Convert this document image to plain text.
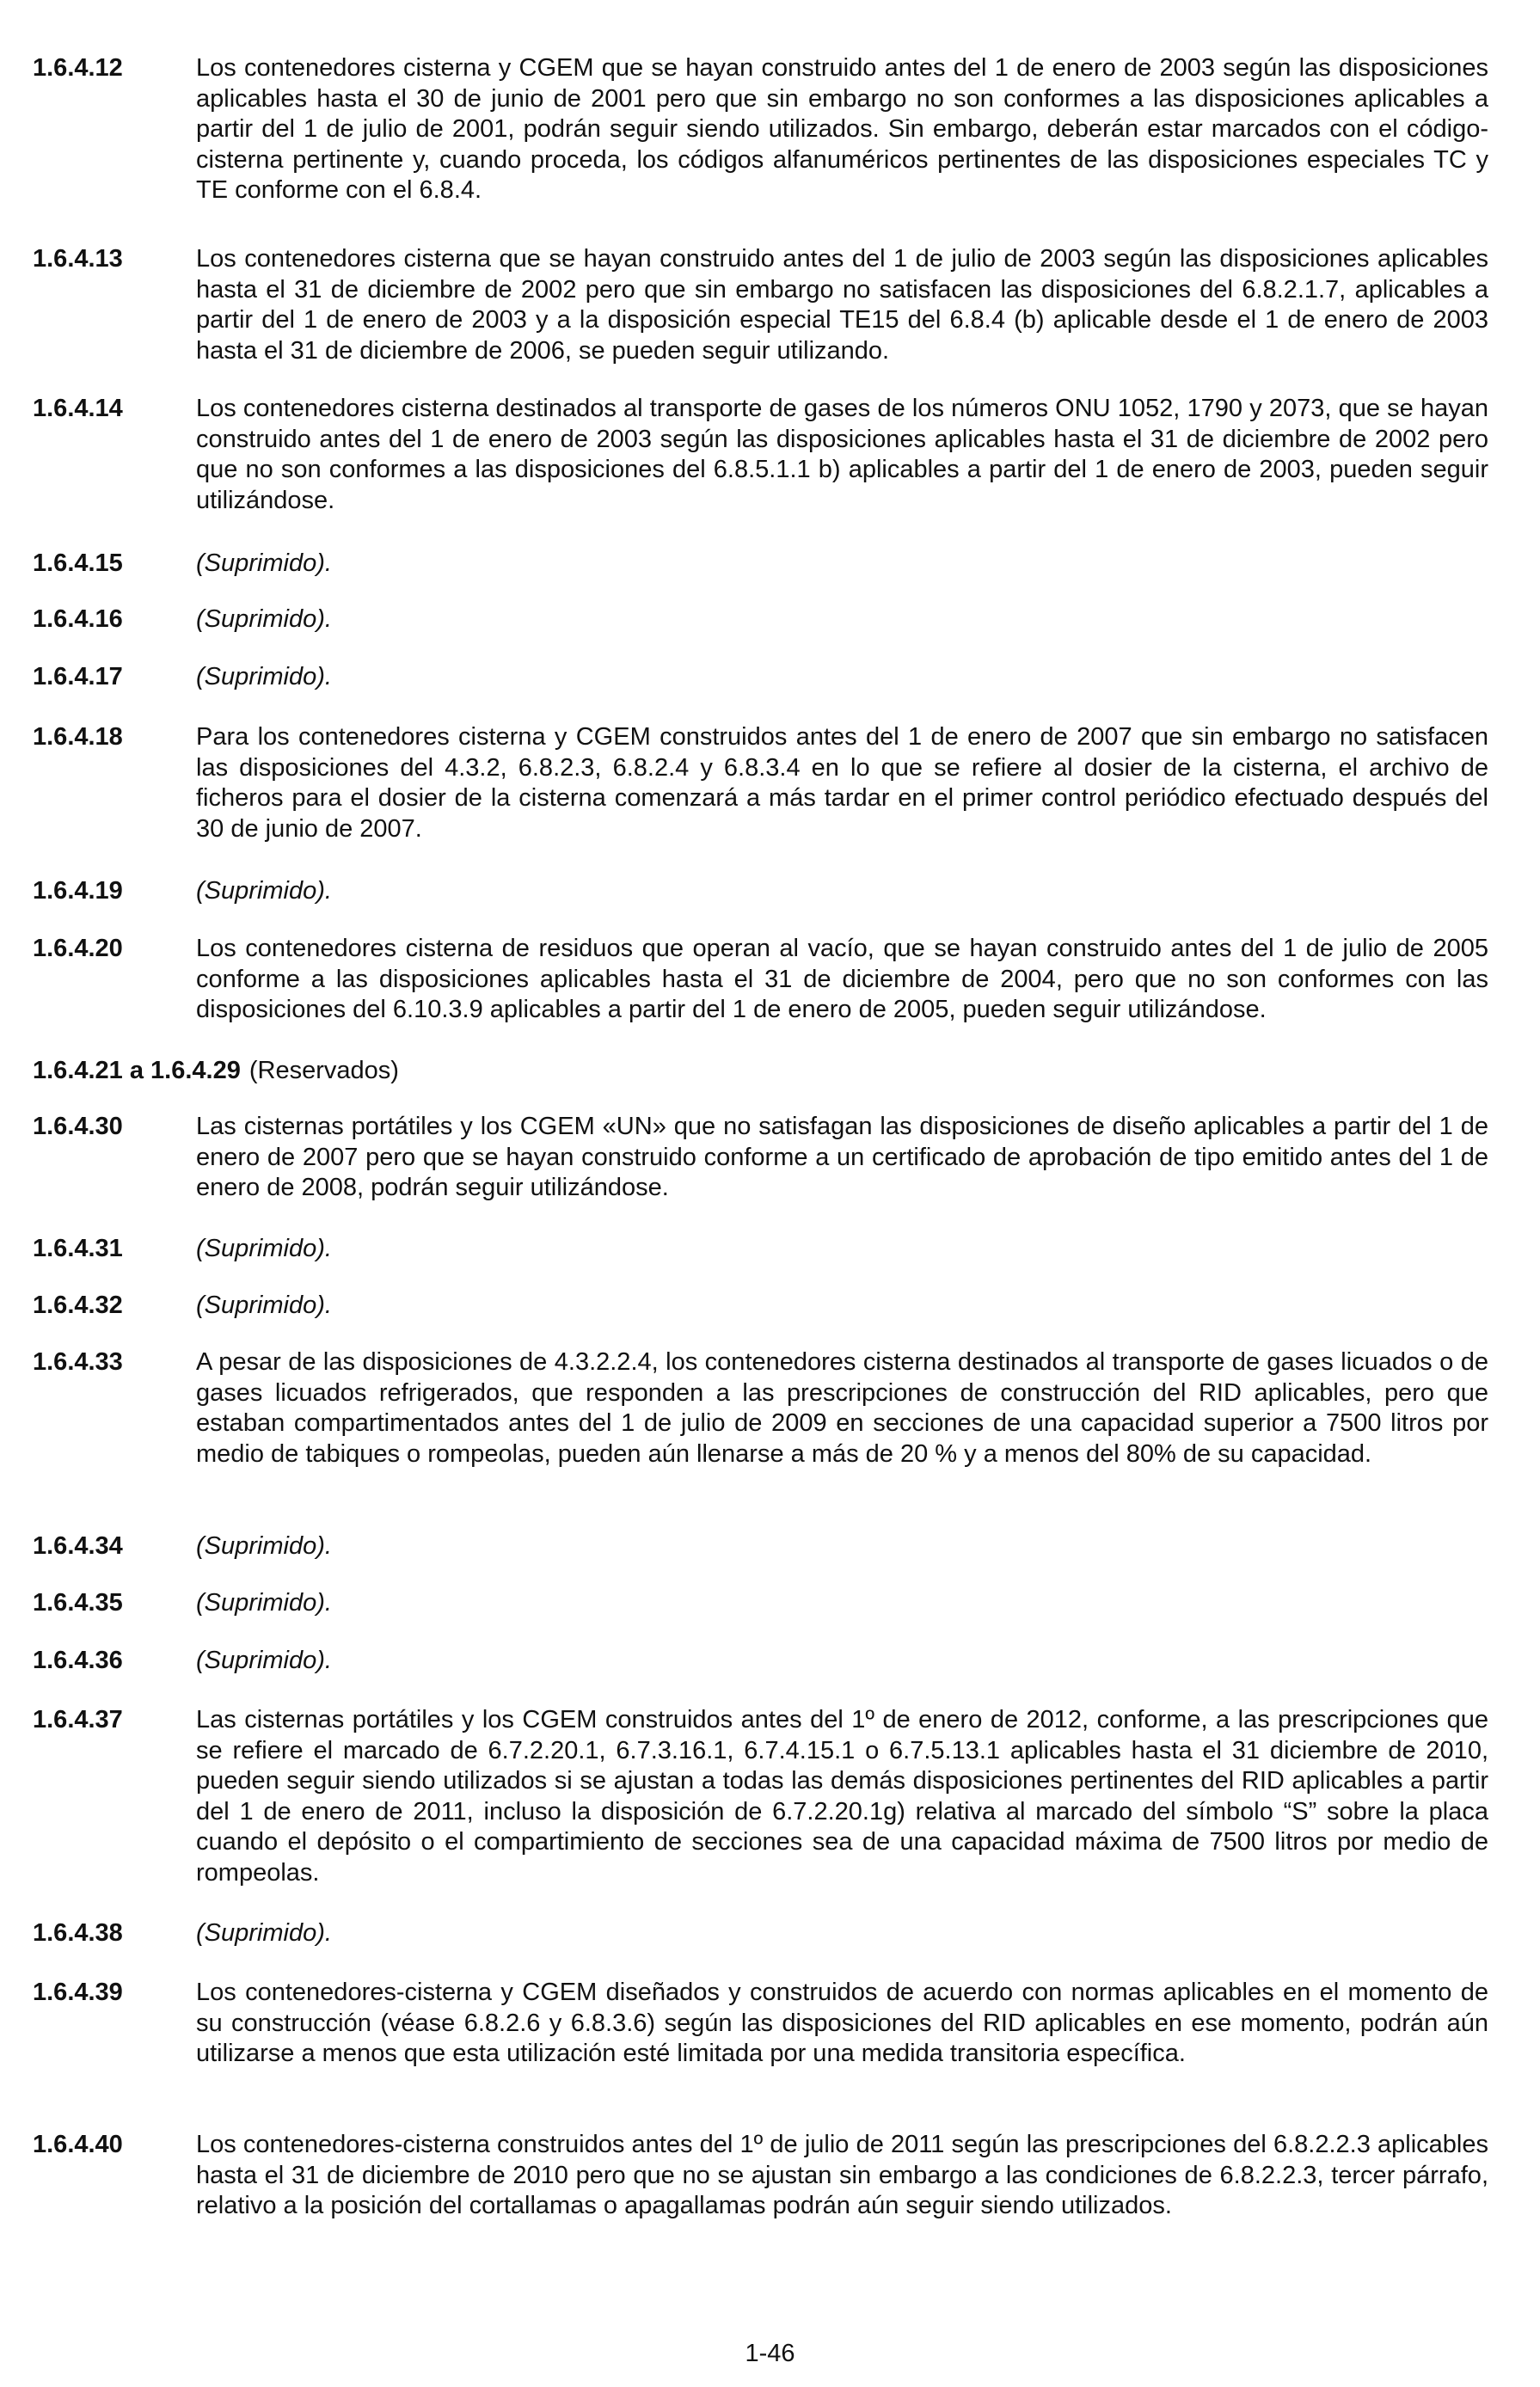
1.6.4.12	Los contenedores cisterna y CGEM que se hayan construido antes del 1 de enero de 2003 según las disposiciones aplicables hasta el 30 de junio de 2001 pero que sin embargo no son conformes a las disposiciones aplicables a partir del 1 de julio de 2001, podrán seguir siendo utilizados. Sin embargo, deberán estar marcados con el código-cisterna pertinente y, cuando proceda, los códigos alfanuméricos pertinentes de las disposiciones especiales TC y TE conforme con el 6.8.4.
1.6.4.13	Los contenedores cisterna que se hayan construido antes del 1 de julio de 2003 según las disposiciones aplicables hasta el 31 de diciembre de 2002 pero que sin embargo no satisfacen las disposiciones del 6.8.2.1.7, aplicables a partir del 1 de enero de 2003 y a la disposición especial TE15 del 6.8.4 (b) aplicable desde el 1 de enero de 2003 hasta el 31 de diciembre de 2006, se pueden seguir utilizando.
1.6.4.14	Los contenedores cisterna destinados al transporte de gases de los números ONU 1052, 1790 y 2073, que se hayan construido antes del 1 de enero de 2003 según las disposiciones aplicables hasta el 31 de diciembre de 2002 pero que no son conformes a las disposiciones del 6.8.5.1.1 b) aplicables a partir del 1 de enero de 2003, pueden seguir utilizándose.
1.6.4.15	(Suprimido).
1.6.4.16	(Suprimido).
1.6.4.17	(Suprimido).
1.6.4.18	Para los contenedores cisterna y CGEM construidos antes del 1 de enero de 2007 que sin embargo no satisfacen las disposiciones del 4.3.2, 6.8.2.3, 6.8.2.4 y 6.8.3.4 en lo que se refiere al dosier de la cisterna, el archivo de ficheros para el dosier de la cisterna comenzará a más tardar en el primer control periódico efectuado después del 30 de junio de 2007.
1.6.4.19	(Suprimido).
1.6.4.20	Los contenedores cisterna de residuos que operan al vacío, que se hayan construido antes del 1 de julio de 2005 conforme a las disposiciones aplicables hasta el 31 de diciembre de 2004, pero que no son conformes con las disposiciones del 6.10.3.9 aplicables a partir del 1 de enero de 2005, pueden seguir utilizándose.
1.6.4.21 a 1.6.4.29 (Reservados)
1.6.4.30	Las cisternas portátiles y los CGEM «UN» que no satisfagan las disposiciones de diseño aplicables a partir del 1 de enero de 2007 pero que se hayan construido conforme a un certificado de aprobación de tipo emitido antes del 1 de enero de 2008, podrán seguir utilizándose.
1.6.4.31	(Suprimido).
1.6.4.32	(Suprimido).
1.6.4.33	A pesar de las disposiciones de 4.3.2.2.4, los contenedores cisterna destinados al transporte de gases licuados o de gases licuados refrigerados, que responden a las prescripciones de construcción del RID aplicables, pero que estaban compartimentados antes del 1 de julio de 2009 en secciones de una capacidad superior a 7500 litros por medio de tabiques o rompeolas, pueden aún llenarse a más de 20 % y a menos del 80% de su capacidad.
1.6.4.34	(Suprimido).
1.6.4.35	(Suprimido).
1.6.4.36	(Suprimido).
1.6.4.37	Las cisternas portátiles y los CGEM construidos antes del 1º de enero de 2012, conforme, a las prescripciones que se refiere el marcado de 6.7.2.20.1, 6.7.3.16.1, 6.7.4.15.1 o 6.7.5.13.1 aplicables hasta el 31 diciembre de 2010, pueden seguir siendo utilizados si se ajustan a todas las demás disposiciones pertinentes del RID aplicables a partir del 1 de enero de 2011, incluso la disposición de 6.7.2.20.1g) relativa al marcado del símbolo “S” sobre la placa cuando el depósito o el compartimiento de secciones sea de una capacidad máxima de 7500 litros por medio de rompeolas.
1.6.4.38	(Suprimido).
1.6.4.39	Los contenedores-cisterna y CGEM diseñados y construidos de acuerdo con normas aplicables en el momento de su construcción (véase 6.8.2.6 y 6.8.3.6) según las disposiciones del RID aplicables en ese momento, podrán aún utilizarse a menos que esta utilización esté limitada por una medida transitoria específica.
1.6.4.40	Los contenedores-cisterna construidos antes del 1º de julio de 2011 según las prescripciones del 6.8.2.2.3 aplicables hasta el 31 de diciembre de 2010 pero que no se ajustan sin embargo a las condiciones de 6.8.2.2.3, tercer párrafo, relativo a la posición del cortallamas o apagallamas podrán aún seguir siendo utilizados.
1-46
